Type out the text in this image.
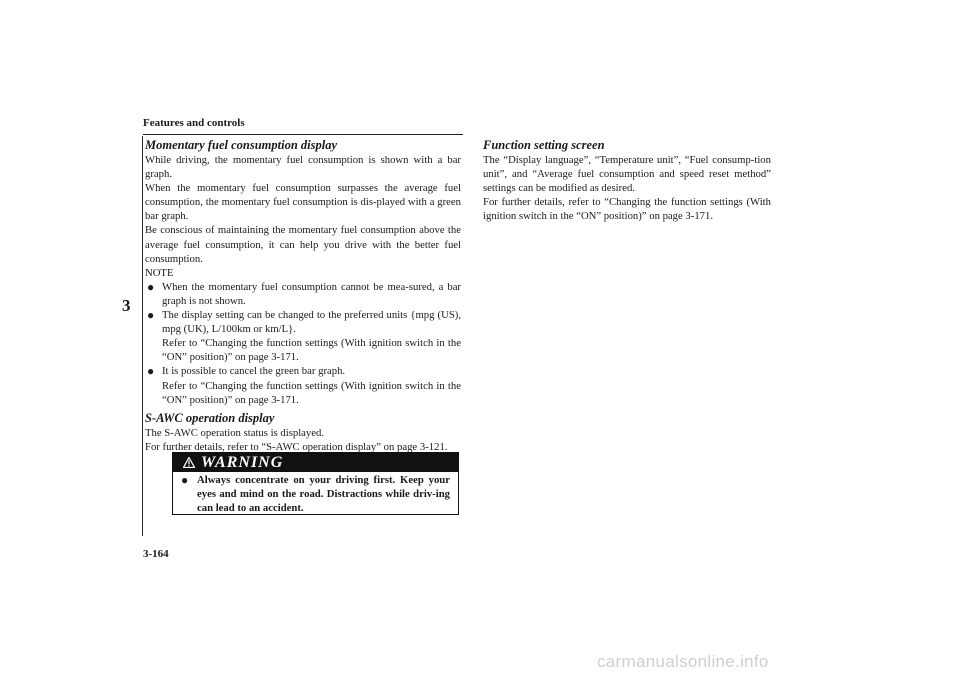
Features and controls
3
3-164
Momentary fuel consumption display

While driving, the momentary fuel consumption is shown with a bar graph.

When the momentary fuel consumption surpasses the average fuel consumption, the momentary fuel consumption is dis-played with a green bar graph.

Be conscious of maintaining the momentary fuel consumption above the average fuel consumption, it can help you drive with the better fuel consumption.

NOTE

● When the momentary fuel consumption cannot be mea-sured, a bar graph is not shown.
● The display setting can be changed to the preferred units {mpg (US), mpg (UK), L/100km or km/L}.
Refer to “Changing the function settings (With ignition switch in the “ON” position)” on page 3-171.
● It is possible to cancel the green bar graph.
Refer to “Changing the function settings (With ignition switch in the “ON” position)” on page 3-171.
S-AWC operation display

The S-AWC operation status is displayed.

For further details, refer to “S-AWC operation display” on page 3-121.

WARNING
● Always concentrate on your driving first. Keep your eyes and mind on the road. Distractions while driv-ing can lead to an accident.
Function setting screen

The “Display language”, “Temperature unit”, “Fuel consump-tion unit”, and “Average fuel consumption and speed reset method” settings can be modified as desired.

For further details, refer to “Changing the function settings (With ignition switch in the “ON” position)” on page 3-171.

carmanualsonline.info
